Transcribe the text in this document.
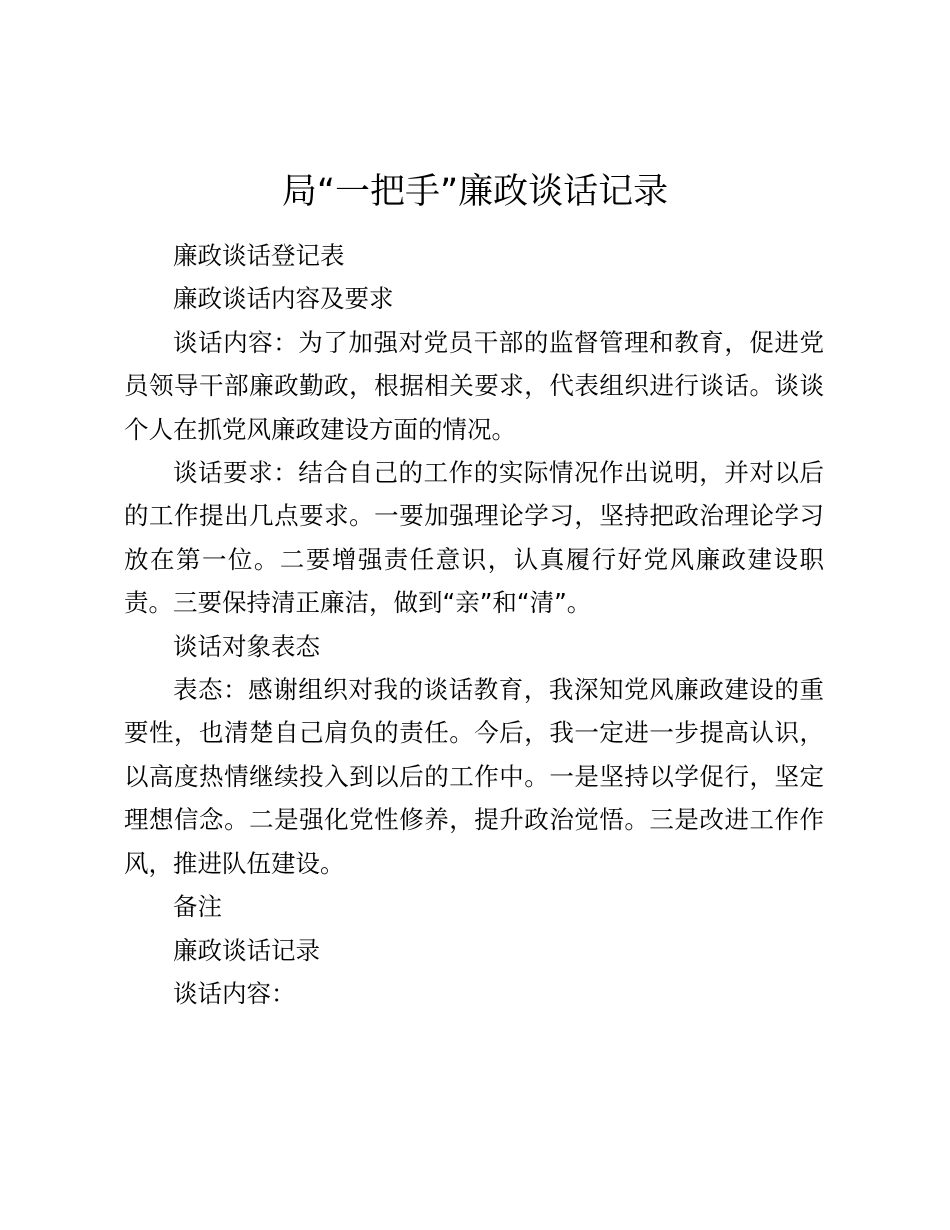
局“一把手”廉政谈话记录

廉政谈话登记表

廉政谈话内容及要求

谈话内容：为了加强对党员干部的监督管理和教育，促进党员领导干部廉政勤政，根据相关要求，代表组织进行谈话。谈谈个人在抓党风廉政建设方面的情况。

谈话要求：结合自己的工作的实际情况作出说明，并对以后的工作提出几点要求。一要加强理论学习，坚持把政治理论学习放在第一位。二要增强责任意识，认真履行好党风廉政建设职责。三要保持清正廉洁，做到“亲”和“清”。

谈话对象表态

表态：感谢组织对我的谈话教育，我深知党风廉政建设的重要性，也清楚自己肩负的责任。今后，我一定进一步提高认识，以高度热情继续投入到以后的工作中。一是坚持以学促行，坚定理想信念。二是强化党性修养，提升政治觉悟。三是改进工作作风，推进队伍建设。

备注

廉政谈话记录

谈话内容：
